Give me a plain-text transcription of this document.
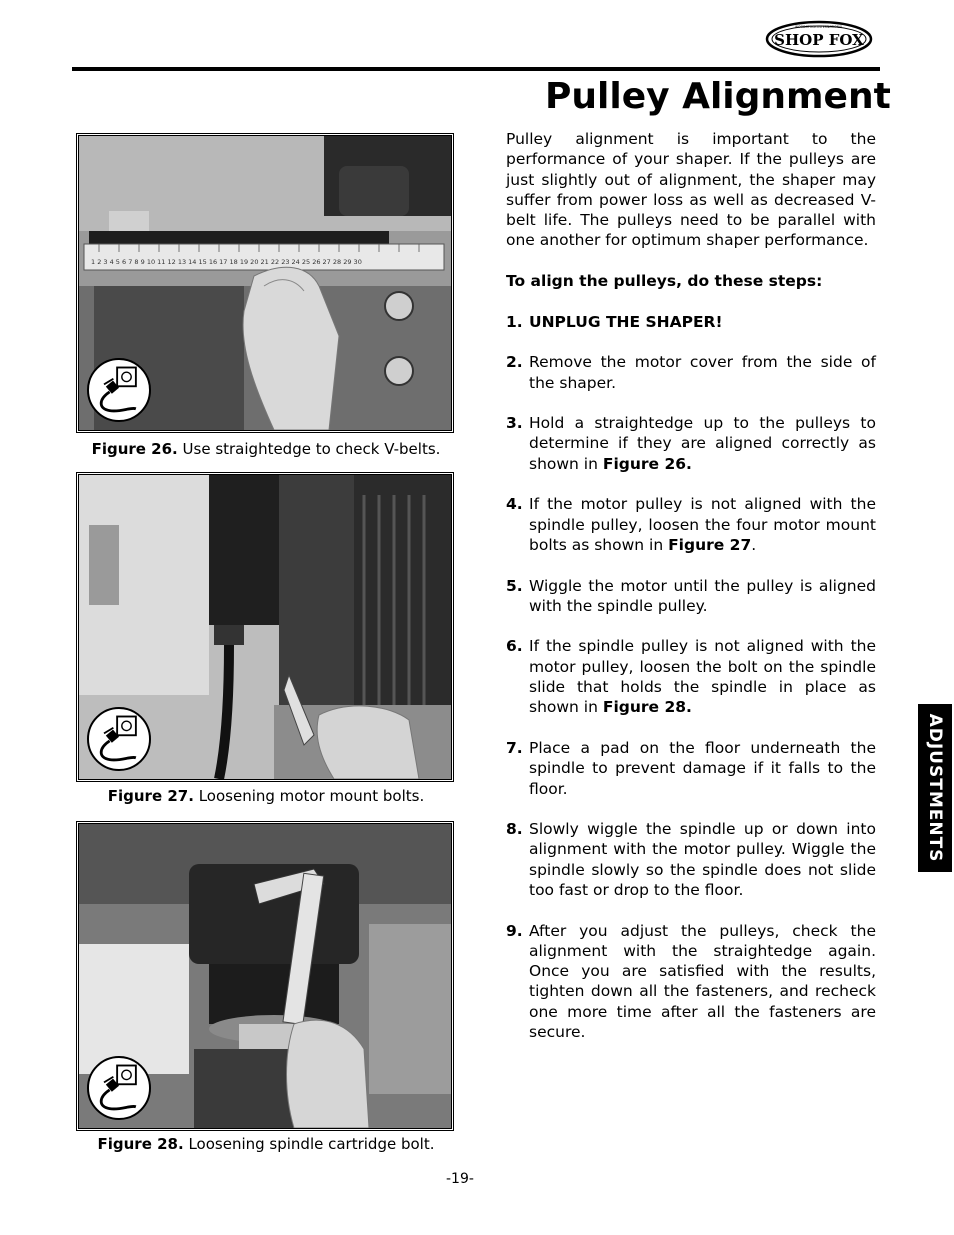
SHOP FOX
WOODSTOCK INTERNATIONAL
Pulley Alignment
1 2 3 4 5 6 7 8 9 10 11 12 13 14 15 16 17 18 19 20 21 22 23 24 25 26 27 28 29 30
Figure 26. Use straightedge to check V-belts.
Figure 27. Loosening motor mount bolts.
Figure 28. Loosening spindle cartridge bolt.

Pulley alignment is important to the performance of your shaper. If the pulleys are just slightly out of alignment, the shaper may suffer from power loss as well as decreased V-belt life. The pulleys need to be parallel with one another for optimum shaper performance.

To align the pulleys, do these steps:

1. UNPLUG THE SHAPER!
2. Remove the motor cover from the side of the shaper.
3. Hold a straightedge up to the pulleys to determine if they are aligned correctly as shown in Figure 26.
4. If the motor pulley is not aligned with the spindle pulley, loosen the four motor mount bolts as shown in Figure 27.
5. Wiggle the motor until the pulley is aligned with the spindle pulley.
6. If the spindle pulley is not aligned with the motor pulley, loosen the bolt on the spindle slide that holds the spindle in place as shown in Figure 28.
7. Place a pad on the floor underneath the spindle to prevent damage if it falls to the floor.
8. Slowly wiggle the spindle up or down into alignment with the motor pulley. Wiggle the spindle slowly so the spindle does not slide too fast or drop to the floor.
9. After you adjust the pulleys, check the alignment with the straightedge again. Once you are satisfied with the results, tighten down all the fasteners, and recheck one more time after all the fasteners are secure.
ADJUSTMENTS
-19-
